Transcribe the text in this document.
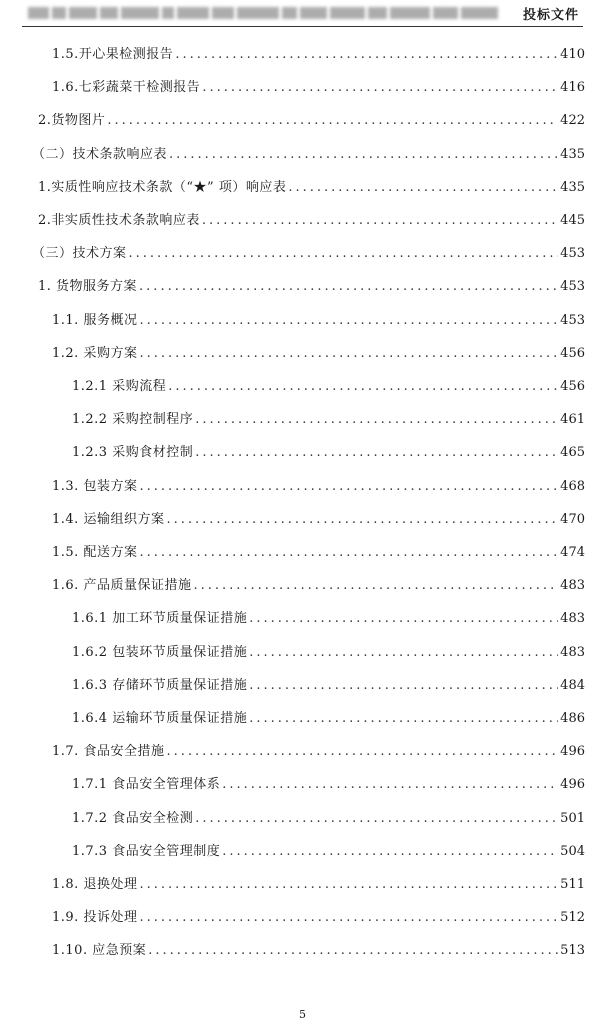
投标文件
1.5.开心果检测报告 .....	410
1.6.七彩蔬菜干检测报告 .....	416
2.货物图片 .....	422
（二）技术条款响应表 .....	435
1.实质性响应技术条款（“★” 项）响应表 .....	435
2.非实质性技术条款响应表 .....	445
（三）技术方案 .....	453
1. 货物服务方案 .....	453
1.1. 服务概况 .....	453
1.2. 采购方案 .....	456
1.2.1 采购流程 .....	456
1.2.2 采购控制程序 .....	461
1.2.3 采购食材控制 .....	465
1.3. 包装方案 .....	468
1.4. 运输组织方案 .....	470
1.5. 配送方案 .....	474
1.6. 产品质量保证措施 .....	483
1.6.1 加工环节质量保证措施 .....	483
1.6.2 包装环节质量保证措施 .....	483
1.6.3 存储环节质量保证措施 .....	484
1.6.4 运输环节质量保证措施 .....	486
1.7. 食品安全措施 .....	496
1.7.1 食品安全管理体系 .....	496
1.7.2 食品安全检测 .....	501
1.7.3 食品安全管理制度 .....	504
1.8. 退换处理 .....	511
1.9. 投诉处理 .....	512
1.10. 应急预案 .....	513
5
